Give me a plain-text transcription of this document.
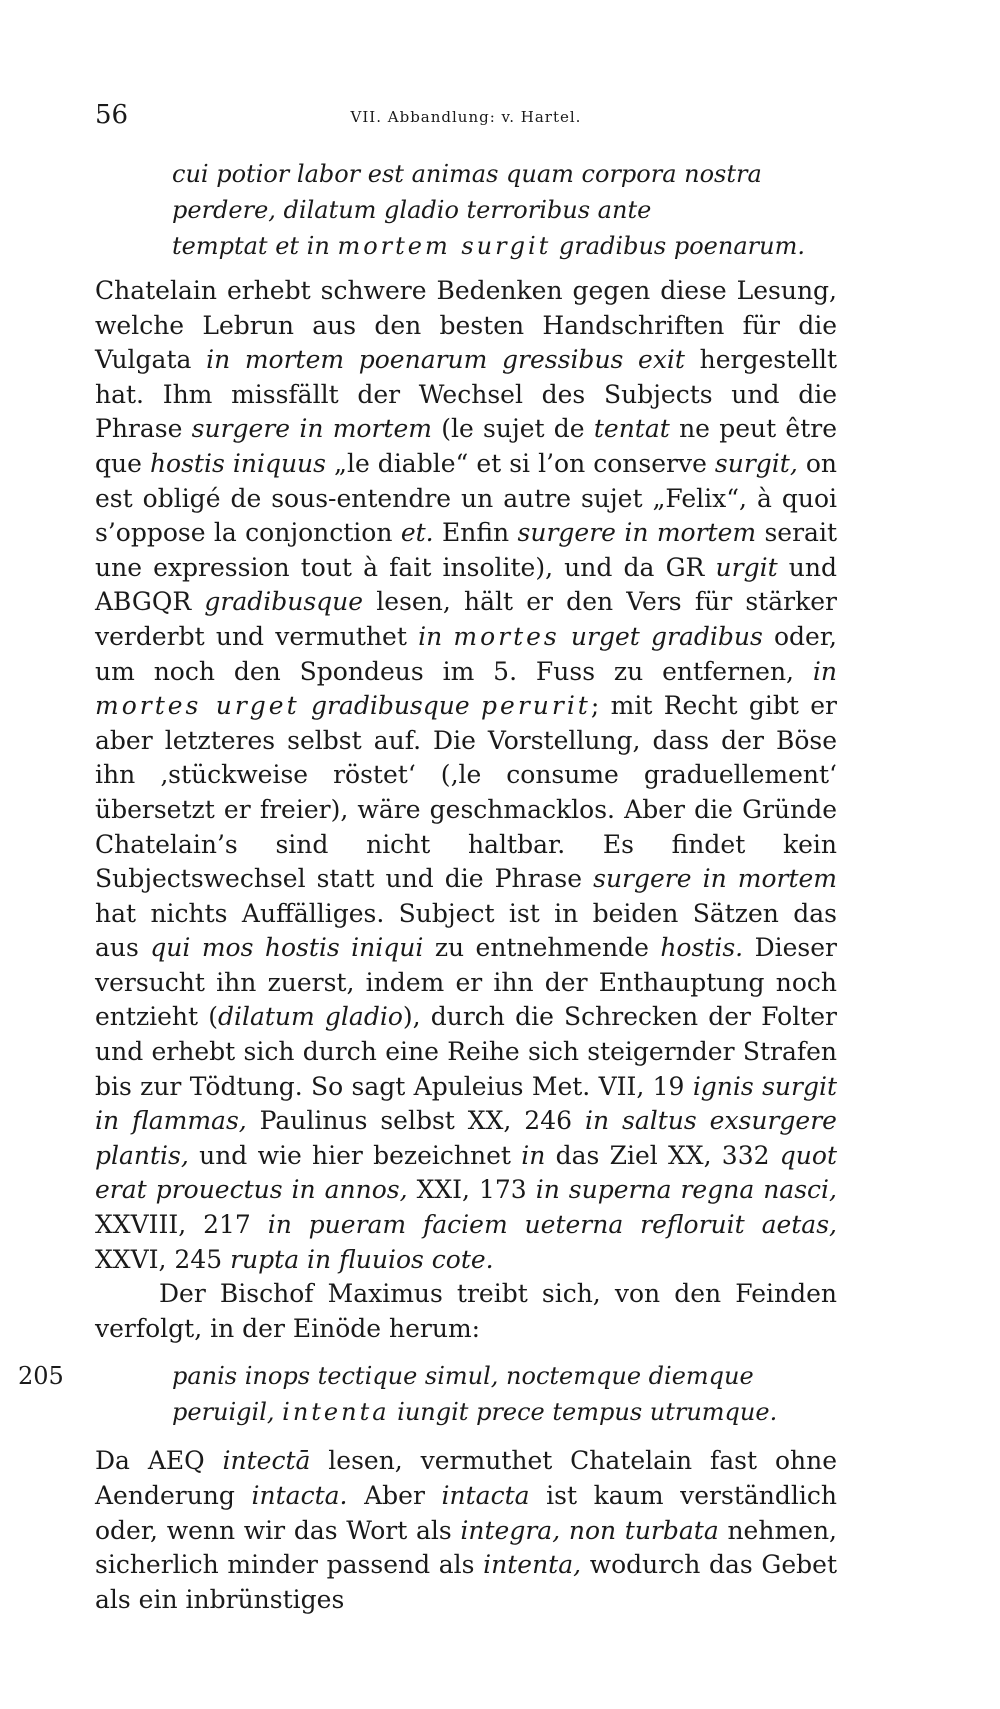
56	VII. Abbandlung: v. Hartel.

cui potior labor est animas quam corpora nostra

perdere, dilatum gladio terroribus ante

temptat et in mortem surgit gradibus poenarum.

Chatelain erhebt schwere Bedenken gegen diese Lesung, welche Lebrun aus den besten Handschriften für die Vulgata in mortem poenarum gressibus exit hergestellt hat. Ihm missfällt der Wechsel des Subjects und die Phrase surgere in mortem (le sujet de tentat ne peut être que hostis iniquus „le diable“ et si l’on conserve surgit, on est obligé de sous-entendre un autre sujet „Felix“, à quoi s’oppose la conjonction et. Enfin surgere in mortem serait une expression tout à fait insolite), und da GR urgit und ABGQR gradibusque lesen, hält er den Vers für stärker verderbt und vermuthet in mortes urget gradibus oder, um noch den Spondeus im 5. Fuss zu entfernen, in mortes urget gradibusque perurit; mit Recht gibt er aber letzteres selbst auf. Die Vorstellung, dass der Böse ihn ‚stückweise röstet‘ (‚le consume graduellement‘ übersetzt er freier), wäre geschmacklos. Aber die Gründe Chatelain’s sind nicht haltbar. Es findet kein Subjectswechsel statt und die Phrase surgere in mortem hat nichts Auffälliges. Subject ist in beiden Sätzen das aus qui mos hostis iniqui zu entnehmende hostis. Dieser versucht ihn zuerst, indem er ihn der Enthauptung noch entzieht (dilatum gladio), durch die Schrecken der Folter und erhebt sich durch eine Reihe sich steigernder Strafen bis zur Tödtung. So sagt Apuleius Met. VII, 19 ignis surgit in flammas, Paulinus selbst XX, 246 in saltus exsurgere plantis, und wie hier bezeichnet in das Ziel XX, 332 quot erat prouectus in annos, XXI, 173 in superna regna nasci, XXVIII, 217 in pueram faciem ueterna refloruit aetas, XXVI, 245 rupta in fluuios cote.

Der Bischof Maximus treibt sich, von den Feinden verfolgt, in der Einöde herum:

205	panis inops tectique simul, noctemque diemque

peruigil, intenta iungit prece tempus utrumque.

Da AEQ intectā lesen, vermuthet Chatelain fast ohne Aenderung intacta. Aber intacta ist kaum verständlich oder, wenn wir das Wort als integra, non turbata nehmen, sicherlich minder passend als intenta, wodurch das Gebet als ein inbrünstiges
